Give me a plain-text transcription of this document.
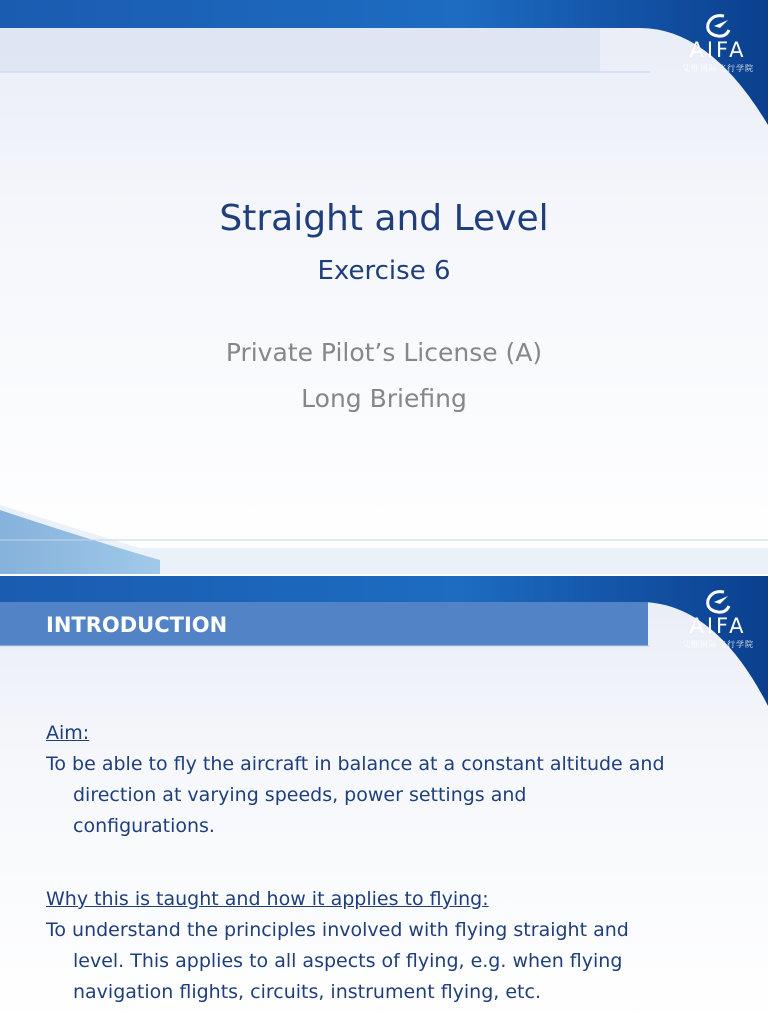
AIFA
艾维国际飞行学院
Straight and Level
Exercise 6
Private Pilot’s License (A)
Long Briefing
AIFA
艾维国际飞行学院
INTRODUCTION
Aim:
To be able to fly the aircraft in balance at a constant altitude and
direction at varying speeds, power settings and
configurations.
Why this is taught and how it applies to flying:
To understand the principles involved with flying straight and
level. This applies to all aspects of flying, e.g. when flying
navigation flights, circuits, instrument flying, etc.
